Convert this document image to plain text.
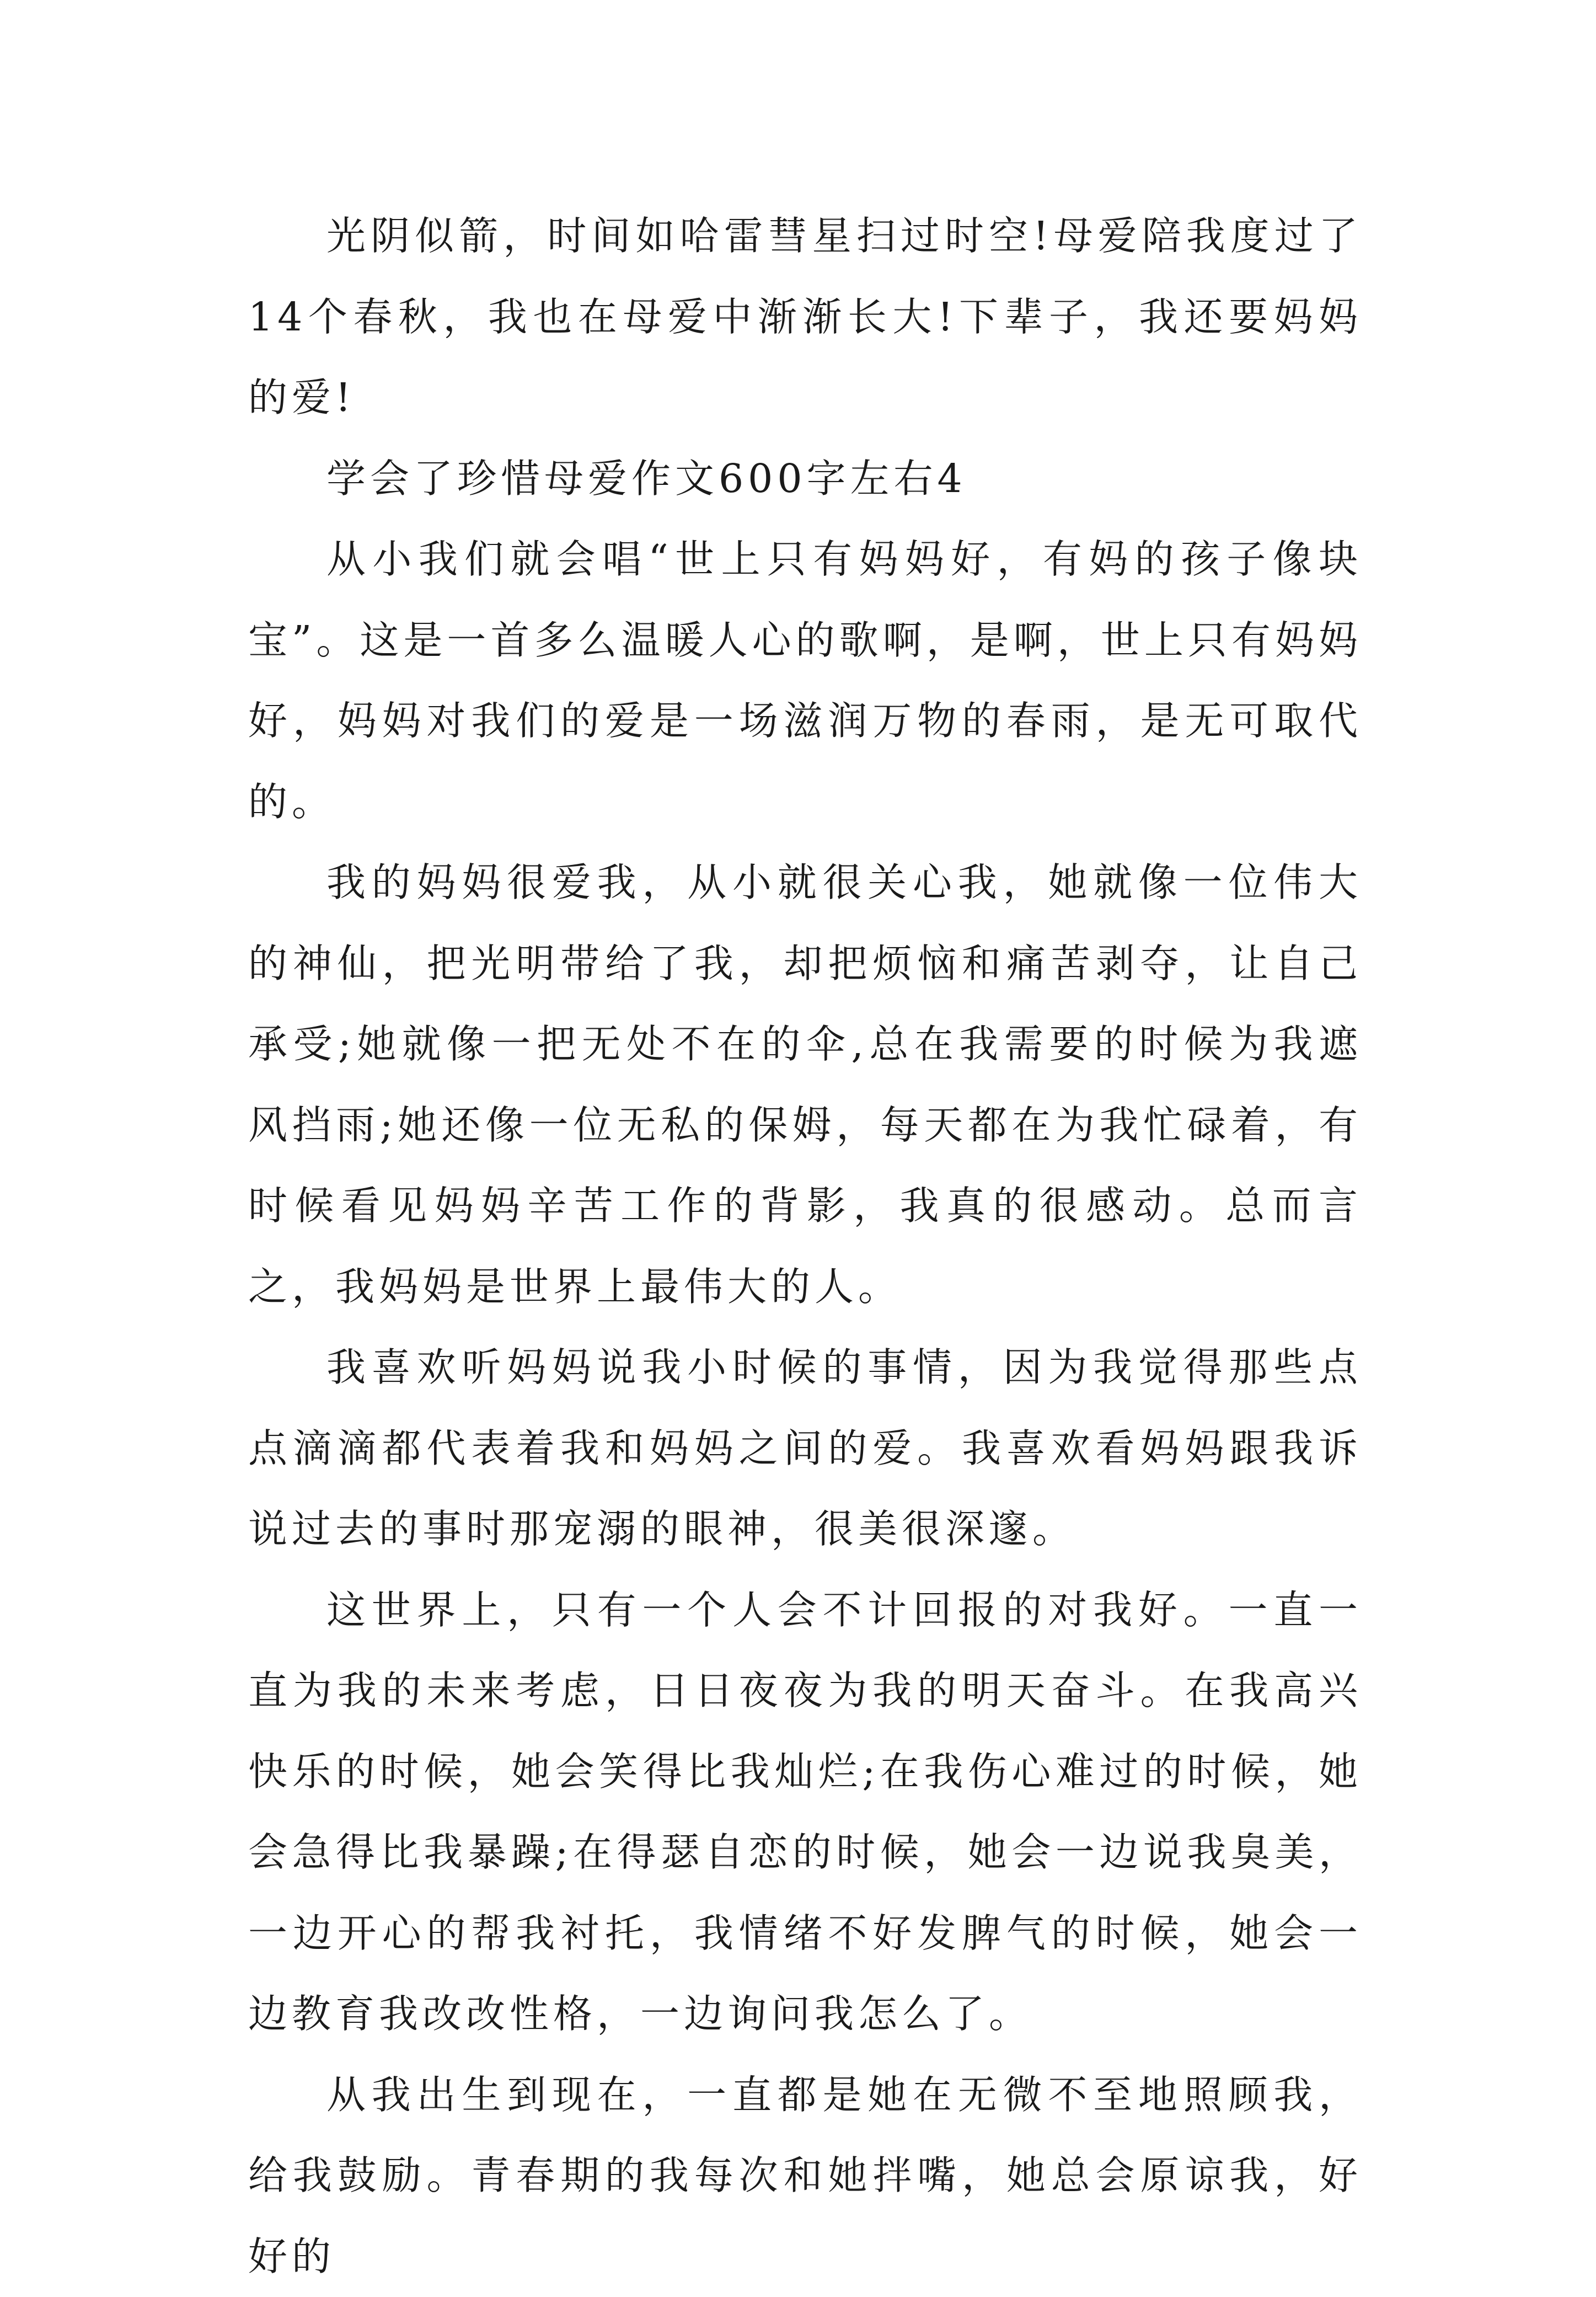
光阴似箭，时间如哈雷彗星扫过时空!母爱陪我度过了14个春秋，我也在母爱中渐渐长大!下辈子，我还要妈妈的爱!

学会了珍惜母爱作文600字左右4

从小我们就会唱“世上只有妈妈好，有妈的孩子像块宝”。这是一首多么温暖人心的歌啊，是啊，世上只有妈妈好，妈妈对我们的爱是一场滋润万物的春雨，是无可取代的。

我的妈妈很爱我，从小就很关心我，她就像一位伟大的神仙，把光明带给了我，却把烦恼和痛苦剥夺，让自己承受;她就像一把无处不在的伞,总在我需要的时候为我遮风挡雨;她还像一位无私的保姆，每天都在为我忙碌着，有时候看见妈妈辛苦工作的背影，我真的很感动。总而言之，我妈妈是世界上最伟大的人。

我喜欢听妈妈说我小时候的事情，因为我觉得那些点点滴滴都代表着我和妈妈之间的爱。我喜欢看妈妈跟我诉说过去的事时那宠溺的眼神，很美很深邃。

这世界上，只有一个人会不计回报的对我好。一直一直为我的未来考虑，日日夜夜为我的明天奋斗。在我高兴快乐的时候，她会笑得比我灿烂;在我伤心难过的时候，她会急得比我暴躁;在得瑟自恋的时候，她会一边说我臭美，一边开心的帮我衬托，我情绪不好发脾气的时候，她会一边教育我改改性格，一边询问我怎么了。

从我出生到现在，一直都是她在无微不至地照顾我，给我鼓励。青春期的我每次和她拌嘴，她总会原谅我，好好的
